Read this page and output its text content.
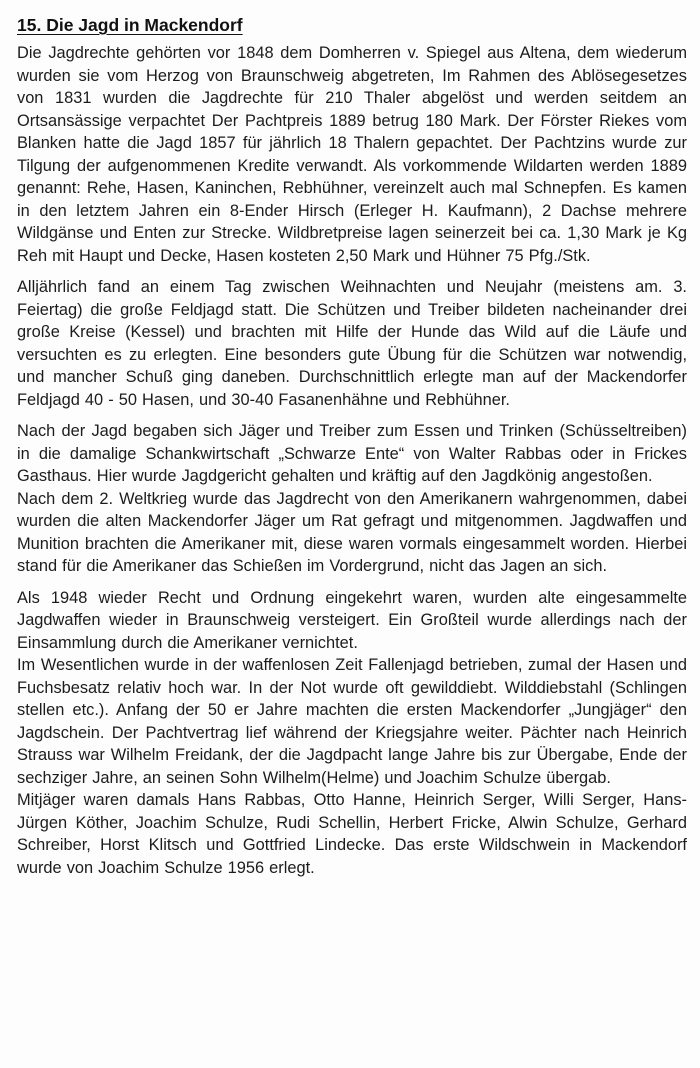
15. Die Jagd in Mackendorf

Die Jagdrechte gehörten vor 1848 dem Domherren v. Spiegel aus Altena, dem wiederum wurden sie vom Herzog von Braunschweig abgetreten, Im Rahmen des Ablösegesetzes von 1831 wurden die Jagdrechte für 210 Thaler abgelöst und werden seitdem an Ortsansässige verpachtet Der Pachtpreis 1889 betrug 180 Mark. Der Förster Riekes vom Blanken hatte die Jagd 1857 für jährlich 18 Thalern gepachtet. Der Pachtzins wurde zur Tilgung der aufgenommenen Kredite verwandt. Als vorkommende Wildarten werden 1889 genannt: Rehe, Hasen, Kaninchen, Rebhühner, vereinzelt auch mal Schnepfen. Es kamen in den letztem Jahren ein 8-Ender Hirsch (Erleger H. Kaufmann), 2 Dachse mehrere Wildgänse und Enten zur Strecke. Wildbretpreise lagen seinerzeit bei ca. 1,30 Mark je Kg Reh mit Haupt und Decke, Hasen kosteten 2,50 Mark und Hühner 75 Pfg./Stk.

Alljährlich fand an einem Tag zwischen Weihnachten und Neujahr (meistens am. 3. Feiertag) die große Feldjagd statt. Die Schützen und Treiber bildeten nacheinander drei große Kreise (Kessel) und brachten mit Hilfe der Hunde das Wild auf die Läufe und versuchten es zu erlegten. Eine besonders gute Übung für die Schützen war notwendig, und mancher Schuß ging daneben. Durchschnittlich erlegte man auf der Mackendorfer Feldjagd 40 - 50 Hasen, und 30-40 Fasanenhähne und Rebhühner.

Nach der Jagd begaben sich Jäger und Treiber zum Essen und Trinken (Schüsseltreiben) in die damalige Schankwirtschaft „Schwarze Ente“ von Walter Rabbas oder in Frickes Gasthaus. Hier wurde Jagdgericht gehalten und kräftig auf den Jagdkönig angestoßen.

Nach dem 2. Weltkrieg wurde das Jagdrecht von den Amerikanern wahrgenommen, dabei wurden die alten Mackendorfer Jäger um Rat gefragt und mitgenommen. Jagdwaffen und Munition brachten die Amerikaner mit, diese waren vormals eingesammelt worden. Hierbei stand für die Amerikaner das Schießen im Vordergrund, nicht das Jagen an sich.

Als 1948 wieder Recht und Ordnung eingekehrt waren, wurden alte eingesammelte Jagdwaffen wieder in Braunschweig versteigert. Ein Großteil wurde allerdings nach der Einsammlung durch die Amerikaner vernichtet.

Im Wesentlichen wurde in der waffenlosen Zeit Fallenjagd betrieben, zumal der Hasen und Fuchsbesatz relativ hoch war. In der Not wurde oft gewilddiebt. Wilddiebstahl (Schlingen stellen etc.). Anfang der 50 er Jahre machten die ersten Mackendorfer „Jungjäger“ den Jagdschein. Der Pachtvertrag lief während der Kriegsjahre weiter. Pächter nach Heinrich Strauss war Wilhelm Freidank, der die Jagdpacht lange Jahre bis zur Übergabe, Ende der sechziger Jahre, an seinen Sohn Wilhelm(Helme) und Joachim Schulze übergab.

Mitjäger waren damals Hans Rabbas, Otto Hanne, Heinrich Serger, Willi Serger, Hans-Jürgen Köther, Joachim Schulze, Rudi Schellin, Herbert Fricke, Alwin Schulze, Gerhard Schreiber, Horst Klitsch und Gottfried Lindecke. Das erste Wildschwein in Mackendorf wurde von Joachim Schulze 1956 erlegt.
